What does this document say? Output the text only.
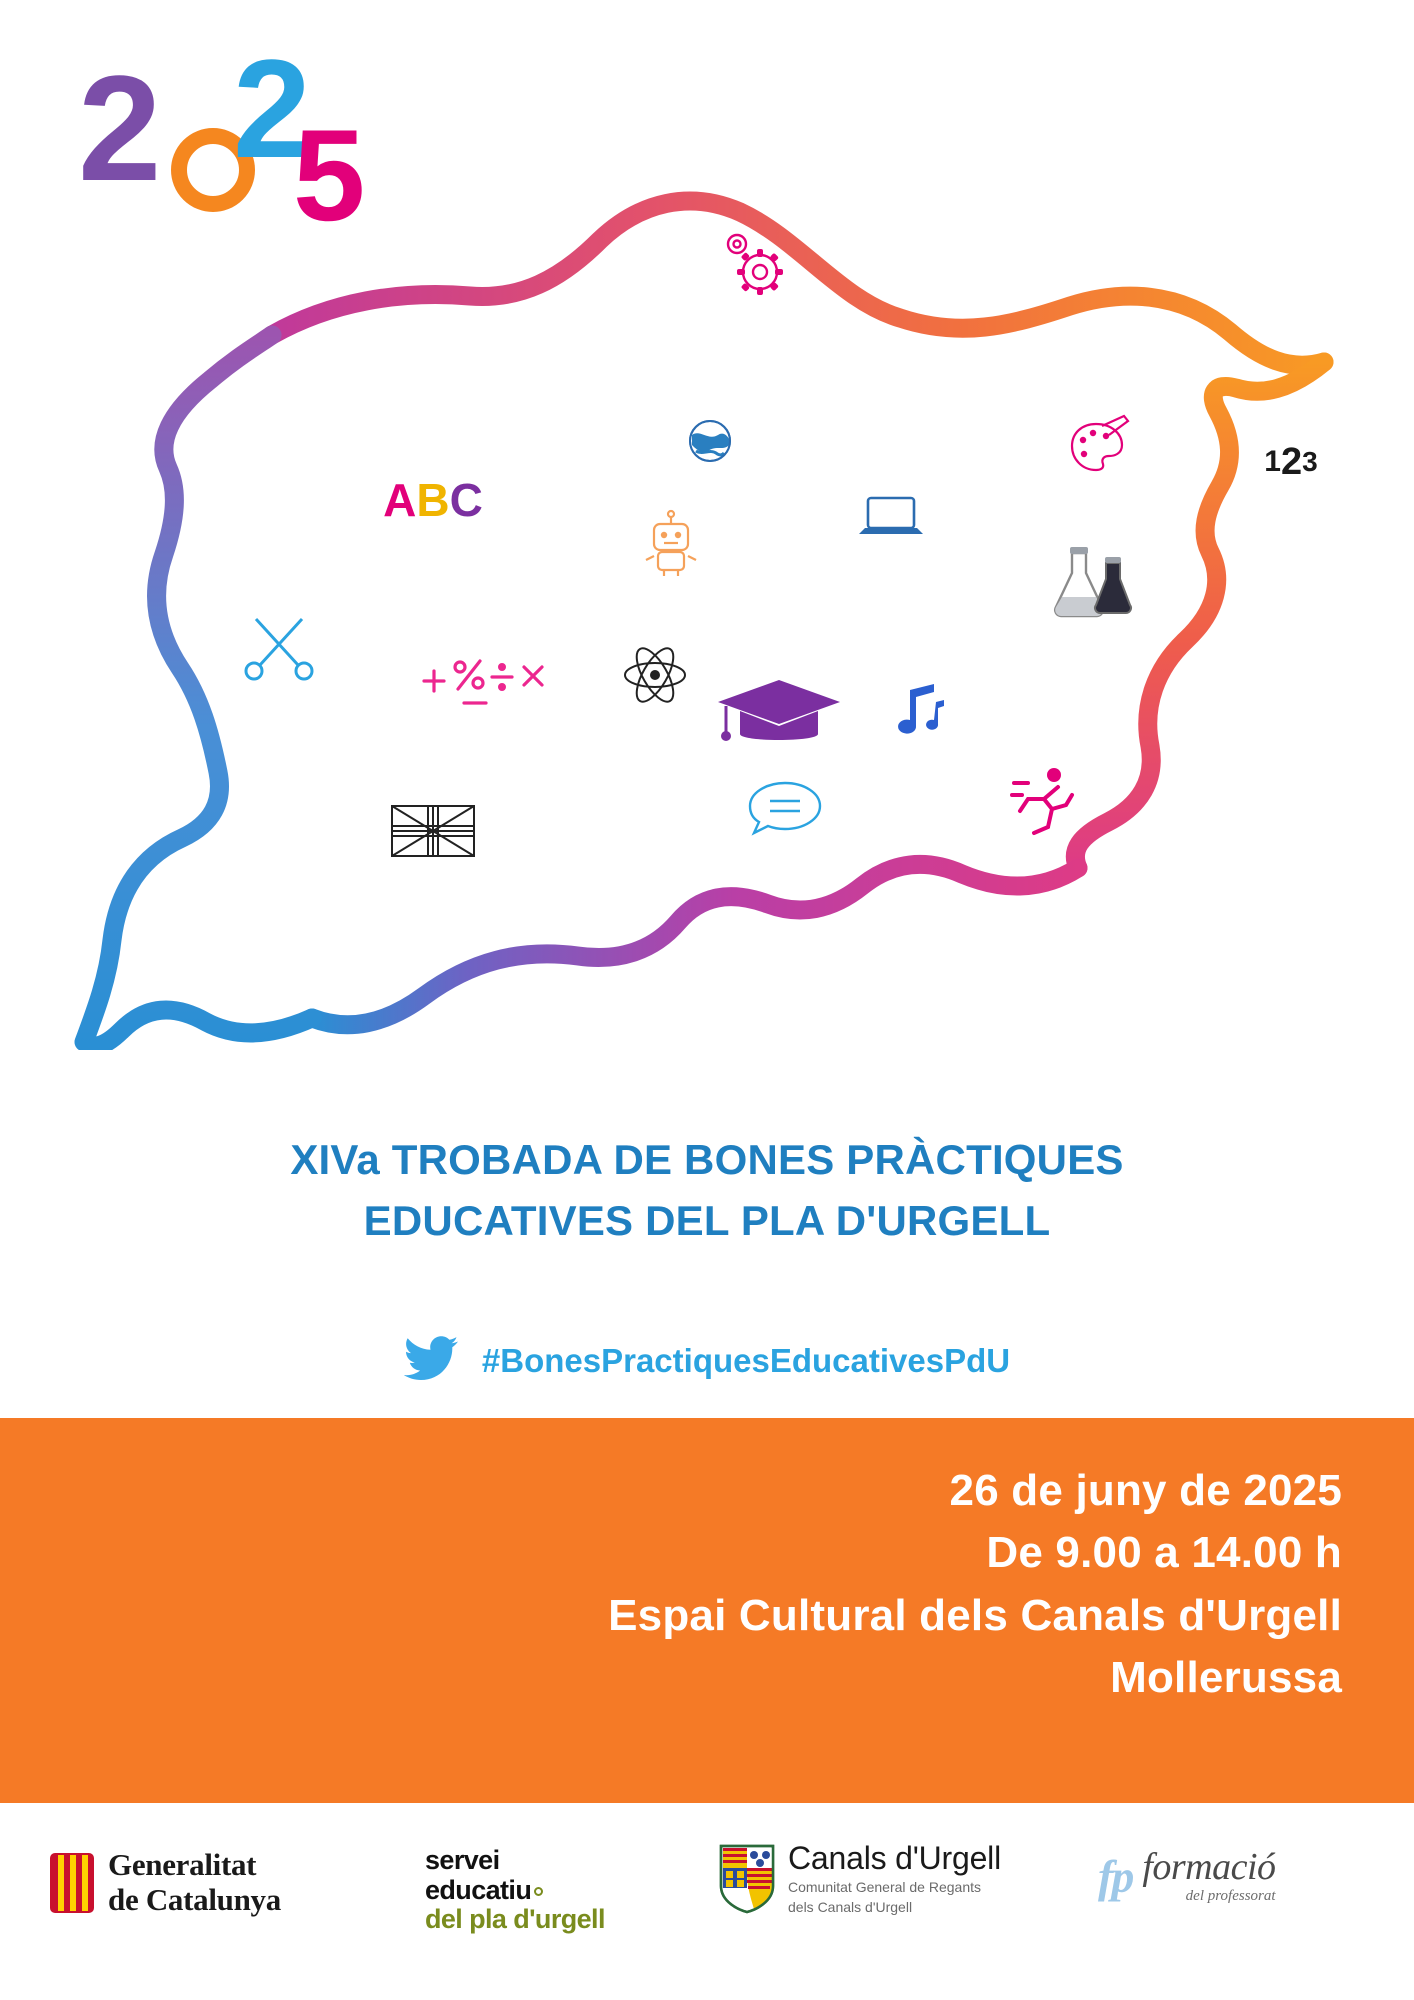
2 2
5
1 2 3
A B C
XIVa TROBADA DE BONES PRÀCTIQUES
EDUCATIVES DEL PLA D'URGELL
#BonesPractiquesEducativesPdU
26 de juny de 2025
De 9.00 a 14.00 h
Espai Cultural dels Canals d'Urgell
Mollerussa
Generalitat
de Catalunya
servei
educatiu
del pla d'urgell
Canals d'Urgell
Comunitat General de Regants
dels Canals d'Urgell
fp formació
del professorat
